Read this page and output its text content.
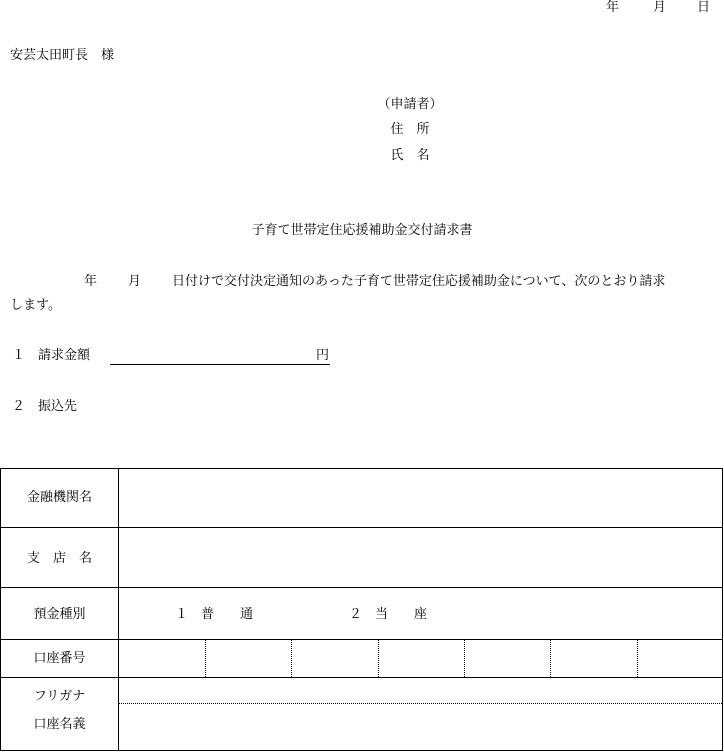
年	月 日
安芸太田町長　様
（申請者）
住　所
氏　名
子育て世帯定住応援補助金交付請求書
年 月 日付けで交付決定通知のあった子育て世帯定住応援補助金について、次のとおり請求
します。
１　請求金額	円
２　振込先
金融機関名
支　店　名
預金種別	１　普　　通	２　当　　座
口座番号
フリガナ
口座名義
